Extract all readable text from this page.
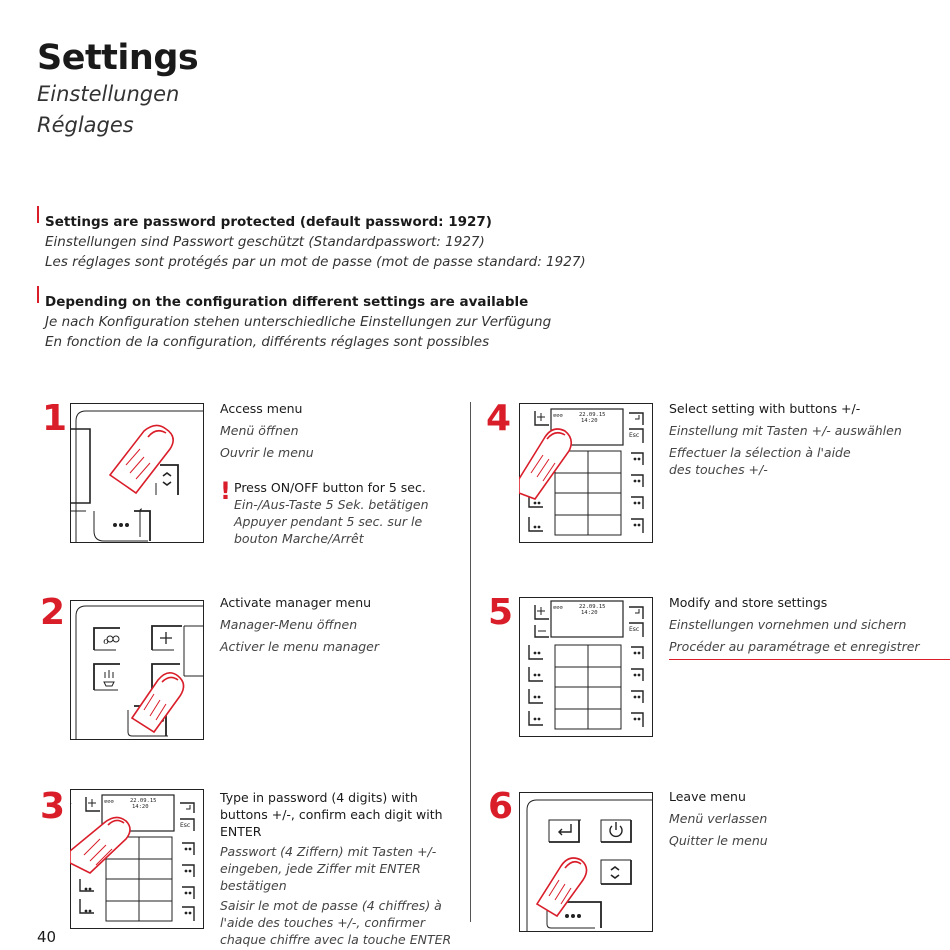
Settings
Einstellungen
Réglages
Settings are password protected (default password: 1927)
Einstellungen sind Passwort geschützt (Standardpasswort: 1927)
Les réglages sont protégés par un mot de passe (mot de passe standard: 1927)
Depending on the configuration different settings are available
Je nach Konfiguration stehen unterschiedliche Einstellungen zur Verfügung
En fonction de la configuration, différents réglages sont possibles
1
2
3
4
5
6
ℴ
⊘⊘⊘	22.09.15
14:20
Esc
⊘⊘⊘	22.09.15
14:20
Esc
⊘⊘⊘	22.09.15
14:20
Esc
Access menu
Menü öffnen
Ouvrir le menu
! Press ON/OFF button for 5 sec.
Ein-/Aus-Taste 5 Sek. betätigen
Appuyer pendant 5 sec. sur le bouton Marche/Arrêt
Activate manager menu
Manager-Menu öffnen
Activer le menu manager
Type in password (4 digits) with buttons +/-, confirm each digit with ENTER
Passwort (4 Ziffern) mit Tasten +/- eingeben, jede Ziffer mit ENTER bestätigen
Saisir le mot de passe (4 chiffres) à l'aide des touches +/-, confirmer chaque chiffre avec la touche ENTER
Select setting with buttons +/-
Einstellung mit Tasten +/- auswählen
Effectuer la sélection à l'aide des touches +/-
Modify and store settings
Einstellungen vornehmen und sichern
Procéder au paramétrage et enregistrer
Leave menu
Menü verlassen
Quitter le menu
40
